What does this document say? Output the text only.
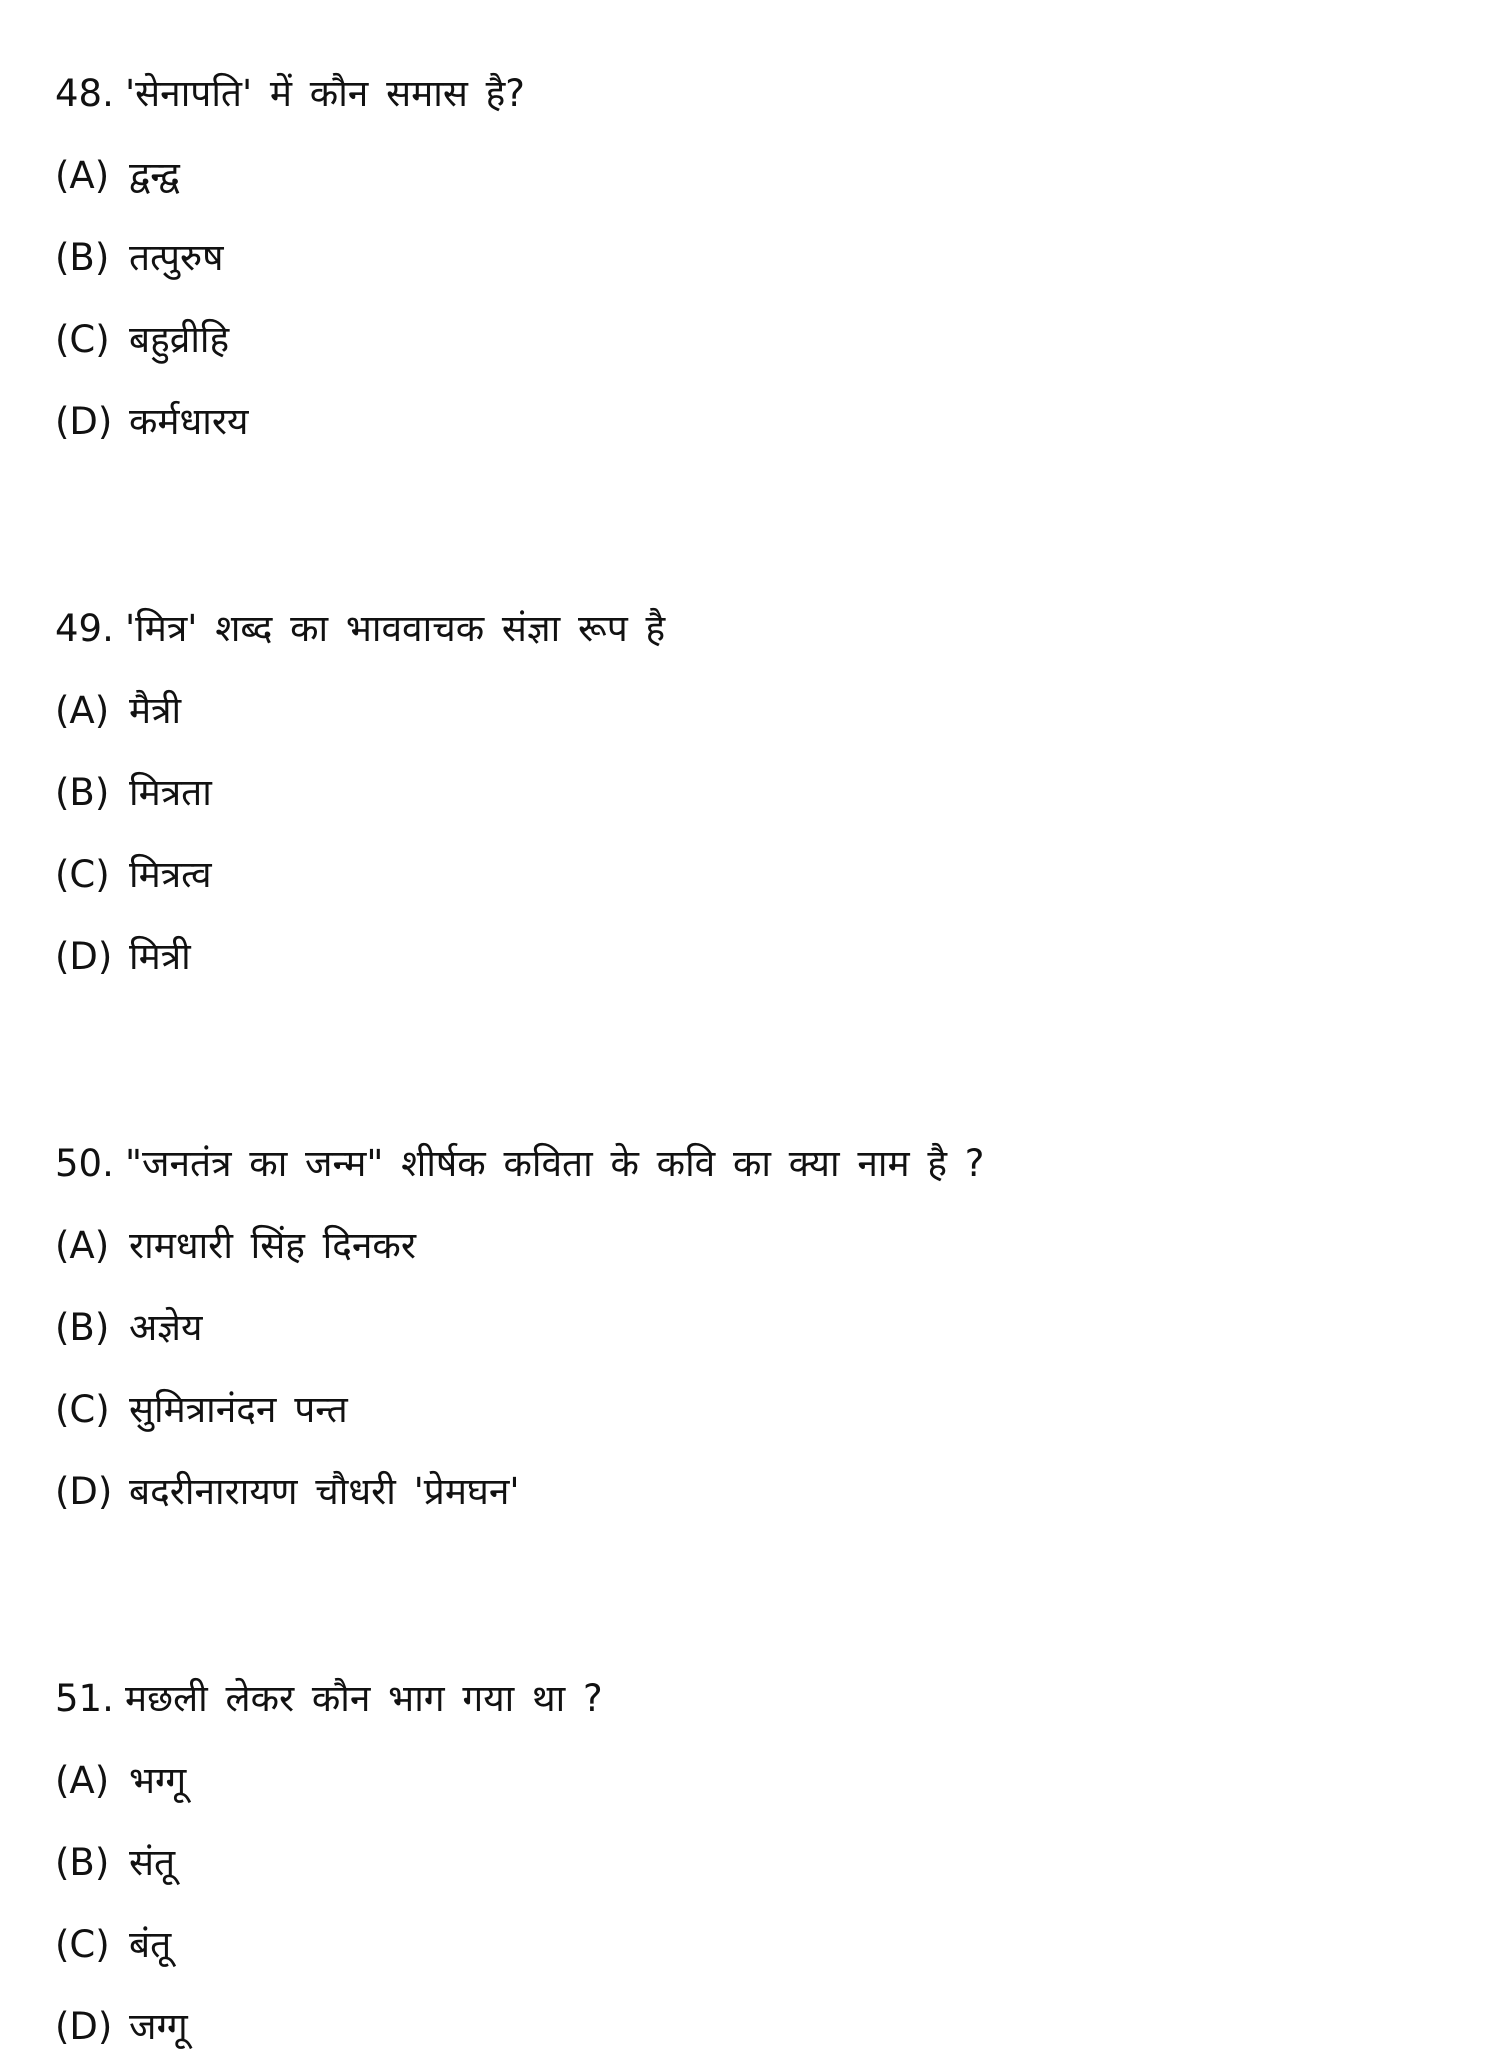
48. 'सेनापति' में कौन समास है?
(A) द्वन्द्व
(B) तत्पुरुष
(C) बहुव्रीहि
(D) कर्मधारय
49. 'मित्र' शब्द का भाववाचक संज्ञा रूप है
(A) मैत्री
(B) मित्रता
(C) मित्रत्व
(D) मित्री
50. "जनतंत्र का जन्म" शीर्षक कविता के कवि का क्या नाम है ?
(A) रामधारी सिंह दिनकर
(B) अज्ञेय
(C) सुमित्रानंदन पन्त
(D) बदरीनारायण चौधरी 'प्रेमघन'
51. मछली लेकर कौन भाग गया था ?
(A) भग्गू
(B) संतू
(C) बंतू
(D) जग्गू
